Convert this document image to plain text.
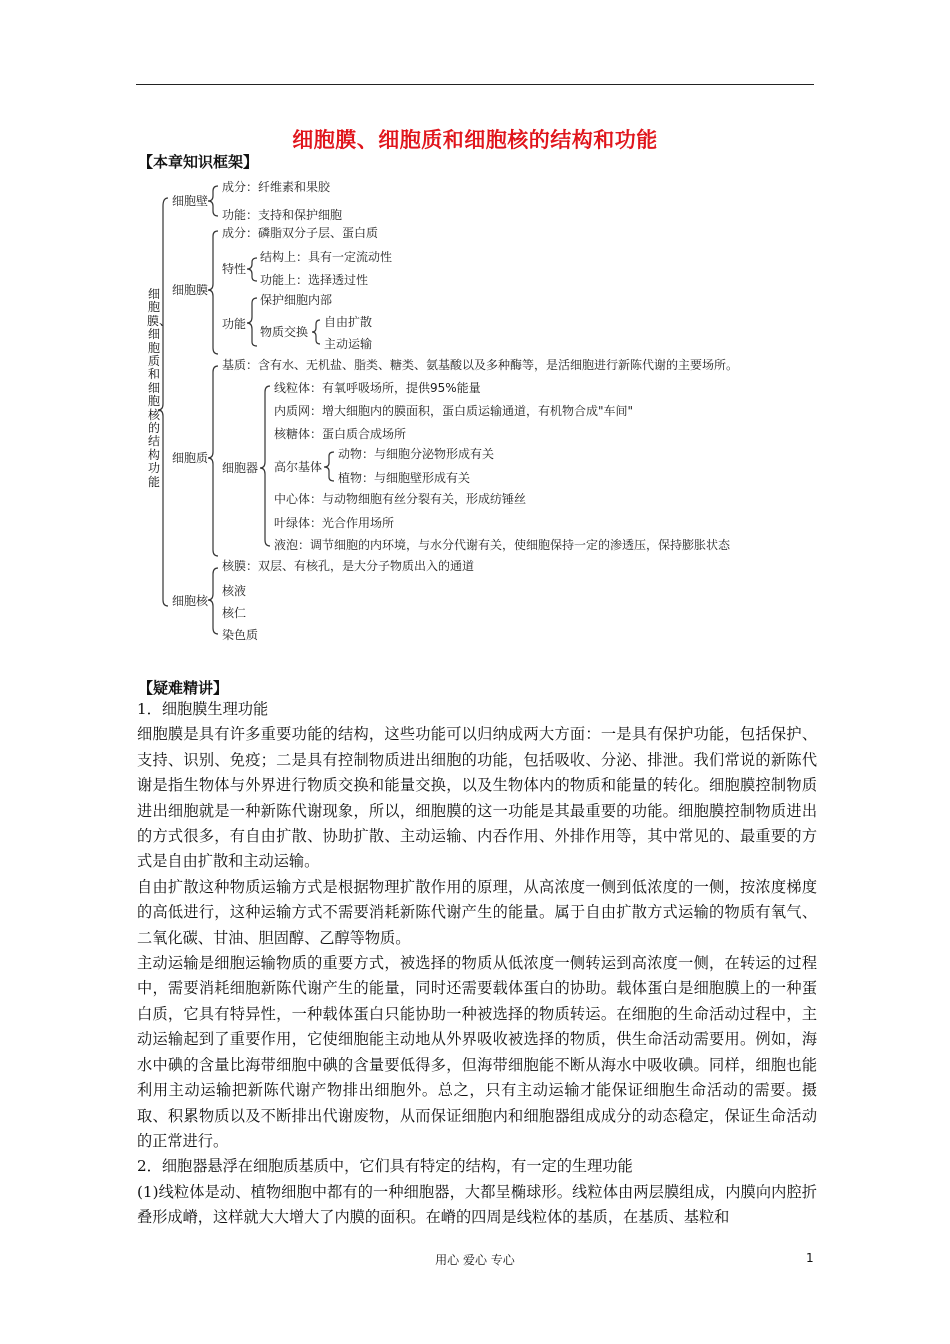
细胞膜、细胞质和细胞核的结构和功能
【本章知识框架】
细胞膜、细胞质和细胞核的结构功能
细胞壁
成分：纤维素和果胶
功能：支持和保护细胞
细胞膜
成分：磷脂双分子层、蛋白质
特性
结构上：具有一定流动性
功能上：选择透过性
功能
保护细胞内部
物质交换
自由扩散
主动运输
细胞质
基质：含有水、无机盐、脂类、糖类、氨基酸以及多种酶等，是活细胞进行新陈代谢的主要场所。
细胞器
线粒体：有氧呼吸场所，提供95%能量
内质网：增大细胞内的膜面积，蛋白质运输通道，有机物合成"车间"
核糖体：蛋白质合成场所
高尔基体
动物：与细胞分泌物形成有关
植物：与细胞壁形成有关
中心体：与动物细胞有丝分裂有关，形成纺锤丝
叶绿体：光合作用场所
液泡：调节细胞的内环境，与水分代谢有关，使细胞保持一定的渗透压，保持膨胀状态
细胞核
核膜：双层、有核孔，是大分子物质出入的通道
核液
核仁
染色质
【疑难精讲】

1．细胞膜生理功能

细胞膜是具有许多重要功能的结构，这些功能可以归纳成两大方面：一是具有保护功能，包括保护、支持、识别、免疫；二是具有控制物质进出细胞的功能，包括吸收、分泌、排泄。我们常说的新陈代谢是指生物体与外界进行物质交换和能量交换，以及生物体内的物质和能量的转化。细胞膜控制物质进出细胞就是一种新陈代谢现象，所以，细胞膜的这一功能是其最重要的功能。细胞膜控制物质进出的方式很多，有自由扩散、协助扩散、主动运输、内吞作用、外排作用等，其中常见的、最重要的方式是自由扩散和主动运输。

自由扩散这种物质运输方式是根据物理扩散作用的原理，从高浓度一侧到低浓度的一侧，按浓度梯度的高低进行，这种运输方式不需要消耗新陈代谢产生的能量。属于自由扩散方式运输的物质有氧气、二氧化碳、甘油、胆固醇、乙醇等物质。

主动运输是细胞运输物质的重要方式，被选择的物质从低浓度一侧转运到高浓度一侧，在转运的过程中，需要消耗细胞新陈代谢产生的能量，同时还需要载体蛋白的协助。载体蛋白是细胞膜上的一种蛋白质，它具有特异性，一种载体蛋白只能协助一种被选择的物质转运。在细胞的生命活动过程中，主动运输起到了重要作用，它使细胞能主动地从外界吸收被选择的物质，供生命活动需要用。例如，海水中碘的含量比海带细胞中碘的含量要低得多，但海带细胞能不断从海水中吸收碘。同样，细胞也能利用主动运输把新陈代谢产物排出细胞外。总之，只有主动运输才能保证细胞生命活动的需要。摄取、积累物质以及不断排出代谢废物，从而保证细胞内和细胞器组成成分的动态稳定，保证生命活动的正常进行。

2．细胞器悬浮在细胞质基质中，它们具有特定的结构，有一定的生理功能

(1)线粒体是动、植物细胞中都有的一种细胞器，大都呈椭球形。线粒体由两层膜组成，内膜向内腔折叠形成嵴，这样就大大增大了内膜的面积。在嵴的四周是线粒体的基质，在基质、基粒和

用心 爱心 专心	1
